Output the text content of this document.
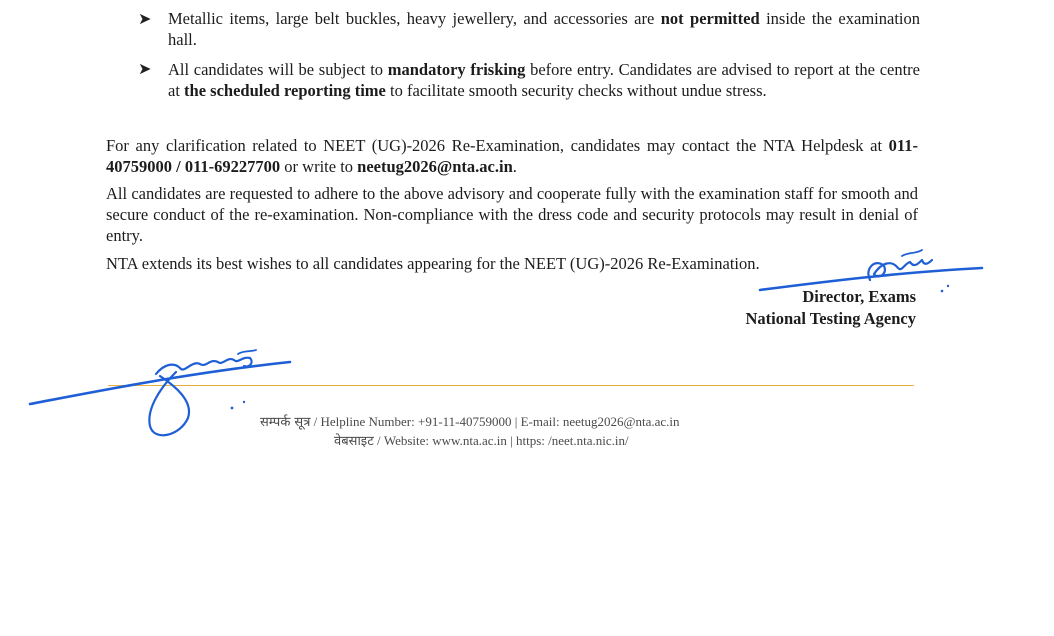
➤ Metallic items, large belt buckles, heavy jewellery, and accessories are not permitted inside the examination hall.
➤ All candidates will be subject to mandatory frisking before entry. Candidates are advised to report at the centre at the scheduled reporting time to facilitate smooth security checks without undue stress.
For any clarification related to NEET (UG)-2026 Re-Examination, candidates may contact the NTA Helpdesk at 011-40759000 / 011-69227700 or write to neetug2026@nta.ac.in.
All candidates are requested to adhere to the above advisory and cooperate fully with the examination staff for smooth and secure conduct of the re-examination. Non-compliance with the dress code and security protocols may result in denial of entry.
NTA extends its best wishes to all candidates appearing for the NEET (UG)-2026 Re-Examination.
Director, Exams
National Testing Agency
सम्पर्क सूत्र / Helpline Number: +91-11-40759000 | E-mail: neetug2026@nta.ac.in
वेबसाइट / Website: www.nta.ac.in | https: /neet.nta.nic.in/
